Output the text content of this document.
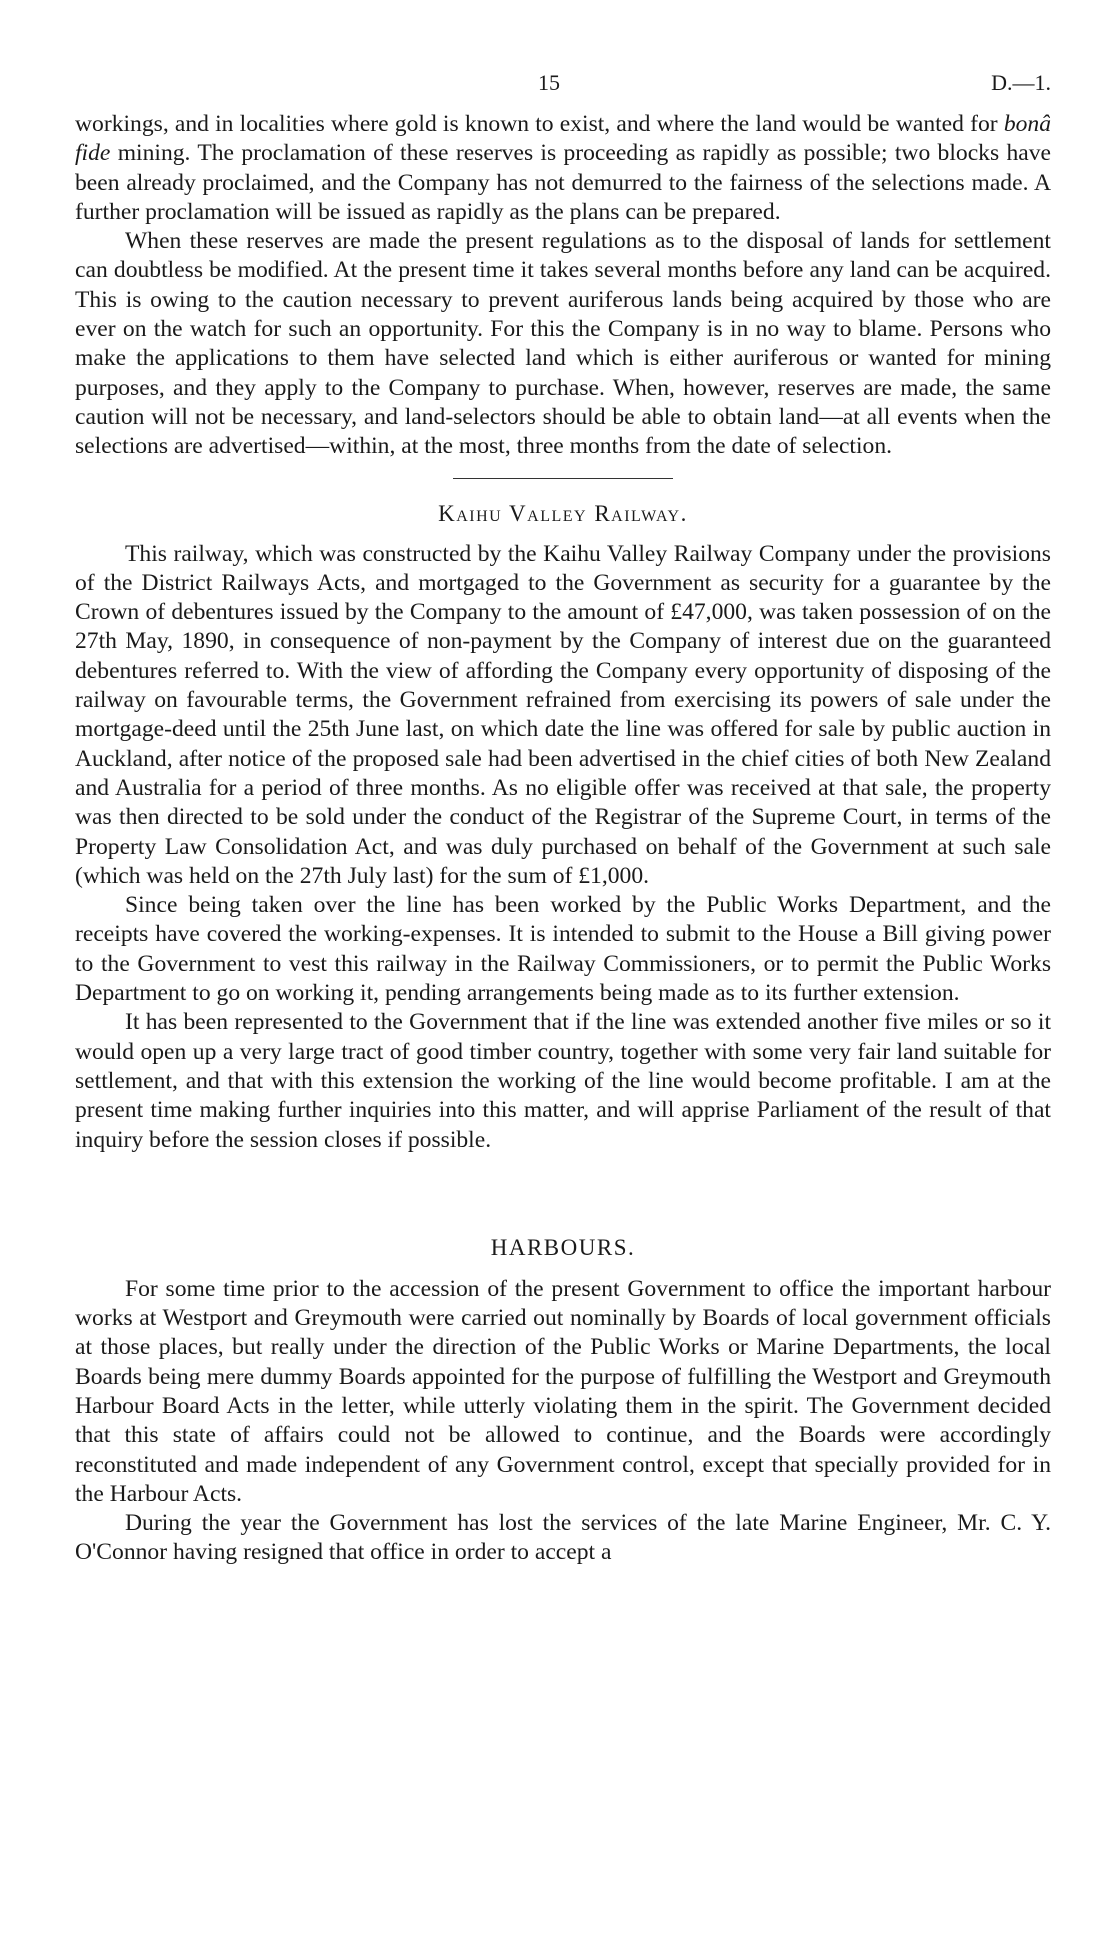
15	D.—1.

workings, and in localities where gold is known to exist, and where the land would be wanted for bonâ fide mining. The proclamation of these reserves is proceeding as rapidly as possible; two blocks have been already proclaimed, and the Company has not demurred to the fairness of the selections made. A further proclamation will be issued as rapidly as the plans can be prepared.

When these reserves are made the present regulations as to the disposal of lands for settlement can doubtless be modified. At the present time it takes several months before any land can be acquired. This is owing to the caution necessary to prevent auriferous lands being acquired by those who are ever on the watch for such an opportunity. For this the Company is in no way to blame. Persons who make the applications to them have selected land which is either auriferous or wanted for mining purposes, and they apply to the Company to purchase. When, however, reserves are made, the same caution will not be necessary, and land-selectors should be able to obtain land—at all events when the selections are advertised—within, at the most, three months from the date of selection.

Kaihu Valley Railway.

This railway, which was constructed by the Kaihu Valley Railway Company under the provisions of the District Railways Acts, and mortgaged to the Government as security for a guarantee by the Crown of debentures issued by the Company to the amount of £47,000, was taken possession of on the 27th May, 1890, in consequence of non-payment by the Company of interest due on the guaranteed debentures referred to. With the view of affording the Company every opportunity of disposing of the railway on favourable terms, the Government refrained from exercising its powers of sale under the mortgage-deed until the 25th June last, on which date the line was offered for sale by public auction in Auckland, after notice of the proposed sale had been advertised in the chief cities of both New Zealand and Australia for a period of three months. As no eligible offer was received at that sale, the property was then directed to be sold under the conduct of the Registrar of the Supreme Court, in terms of the Property Law Consolidation Act, and was duly purchased on behalf of the Government at such sale (which was held on the 27th July last) for the sum of £1,000.

Since being taken over the line has been worked by the Public Works Department, and the receipts have covered the working-expenses. It is intended to submit to the House a Bill giving power to the Government to vest this railway in the Railway Commissioners, or to permit the Public Works Department to go on working it, pending arrangements being made as to its further extension.

It has been represented to the Government that if the line was extended another five miles or so it would open up a very large tract of good timber country, together with some very fair land suitable for settlement, and that with this extension the working of the line would become profitable. I am at the present time making further inquiries into this matter, and will apprise Parliament of the result of that inquiry before the session closes if possible.

HARBOURS.

For some time prior to the accession of the present Government to office the important harbour works at Westport and Greymouth were carried out nominally by Boards of local government officials at those places, but really under the direction of the Public Works or Marine Departments, the local Boards being mere dummy Boards appointed for the purpose of fulfilling the Westport and Greymouth Harbour Board Acts in the letter, while utterly violating them in the spirit. The Government decided that this state of affairs could not be allowed to continue, and the Boards were accordingly reconstituted and made independent of any Government control, except that specially provided for in the Harbour Acts.

During the year the Government has lost the services of the late Marine Engineer, Mr. C. Y. O'Connor having resigned that office in order to accept a
